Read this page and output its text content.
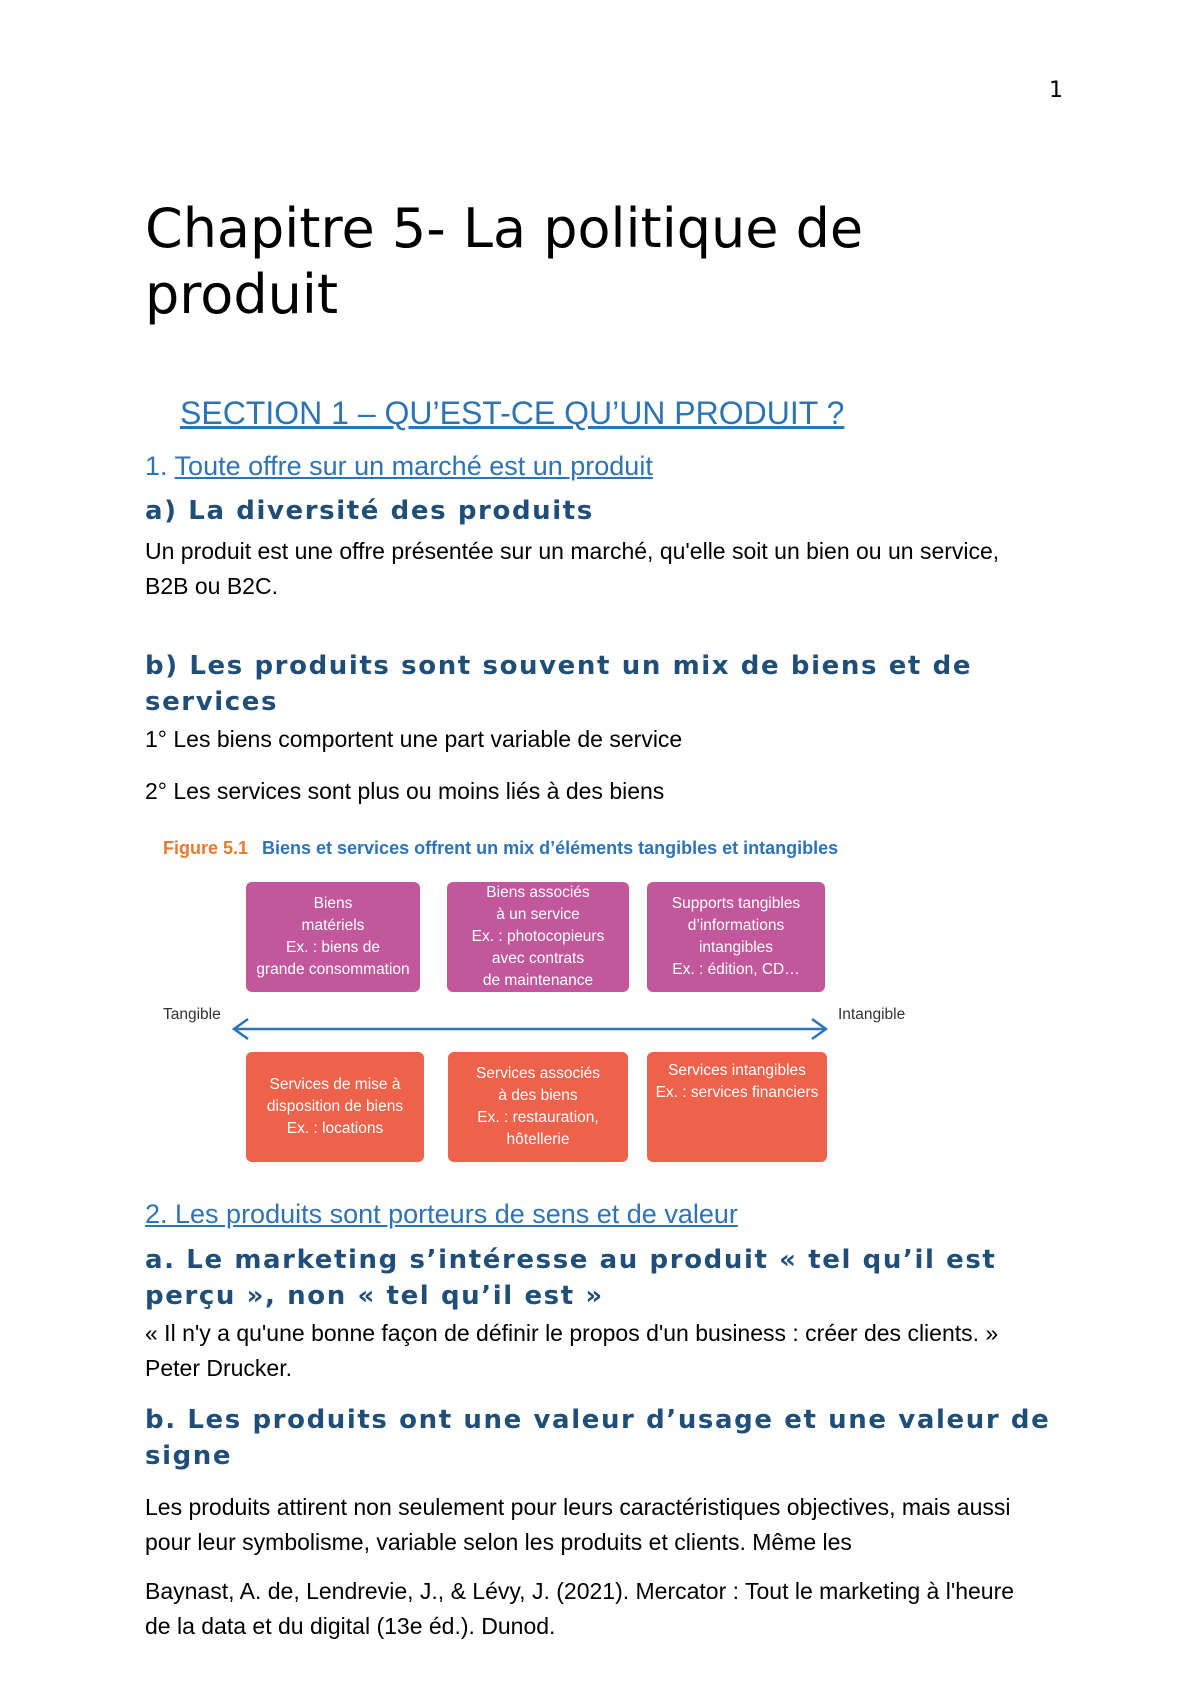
1
Chapitre 5- La politique de produit
SECTION 1 – QU’EST-CE QU’UN PRODUIT ?
1. Toute offre sur un marché est un produit
a) La diversité des produits

Un produit est une offre présentée sur un marché, qu'elle soit un bien ou un service, B2B ou B2C.

b) Les produits sont souvent un mix de biens et de services

1° Les biens comportent une part variable de service

2° Les services sont plus ou moins liés à des biens

Figure 5.1 Biens et services offrent un mix d’éléments tangibles et intangibles
Biens
matériels
Ex. : biens de
grande consommation
Biens associés
à un service
Ex. : photocopieurs
avec contrats
de maintenance
Supports tangibles
d’informations
intangibles
Ex. : édition, CD…
Tangible	Intangible
Services de mise à
disposition de biens
Ex. : locations
Services associés
à des biens
Ex. : restauration,
hôtellerie
Services intangibles
Ex. : services financiers
2. Les produits sont porteurs de sens et de valeur
a. Le marketing s’intéresse au produit « tel qu’il est perçu », non « tel qu’il est »

« Il n'y a qu'une bonne façon de définir le propos d'un business : créer des clients. » Peter Drucker.

b. Les produits ont une valeur d’usage et une valeur de signe

Les produits attirent non seulement pour leurs caractéristiques objectives, mais aussi pour leur symbolisme, variable selon les produits et clients. Même les

Baynast, A. de, Lendrevie, J., & Lévy, J. (2021). Mercator : Tout le marketing à l'heure de la data et du digital (13e éd.). Dunod.
